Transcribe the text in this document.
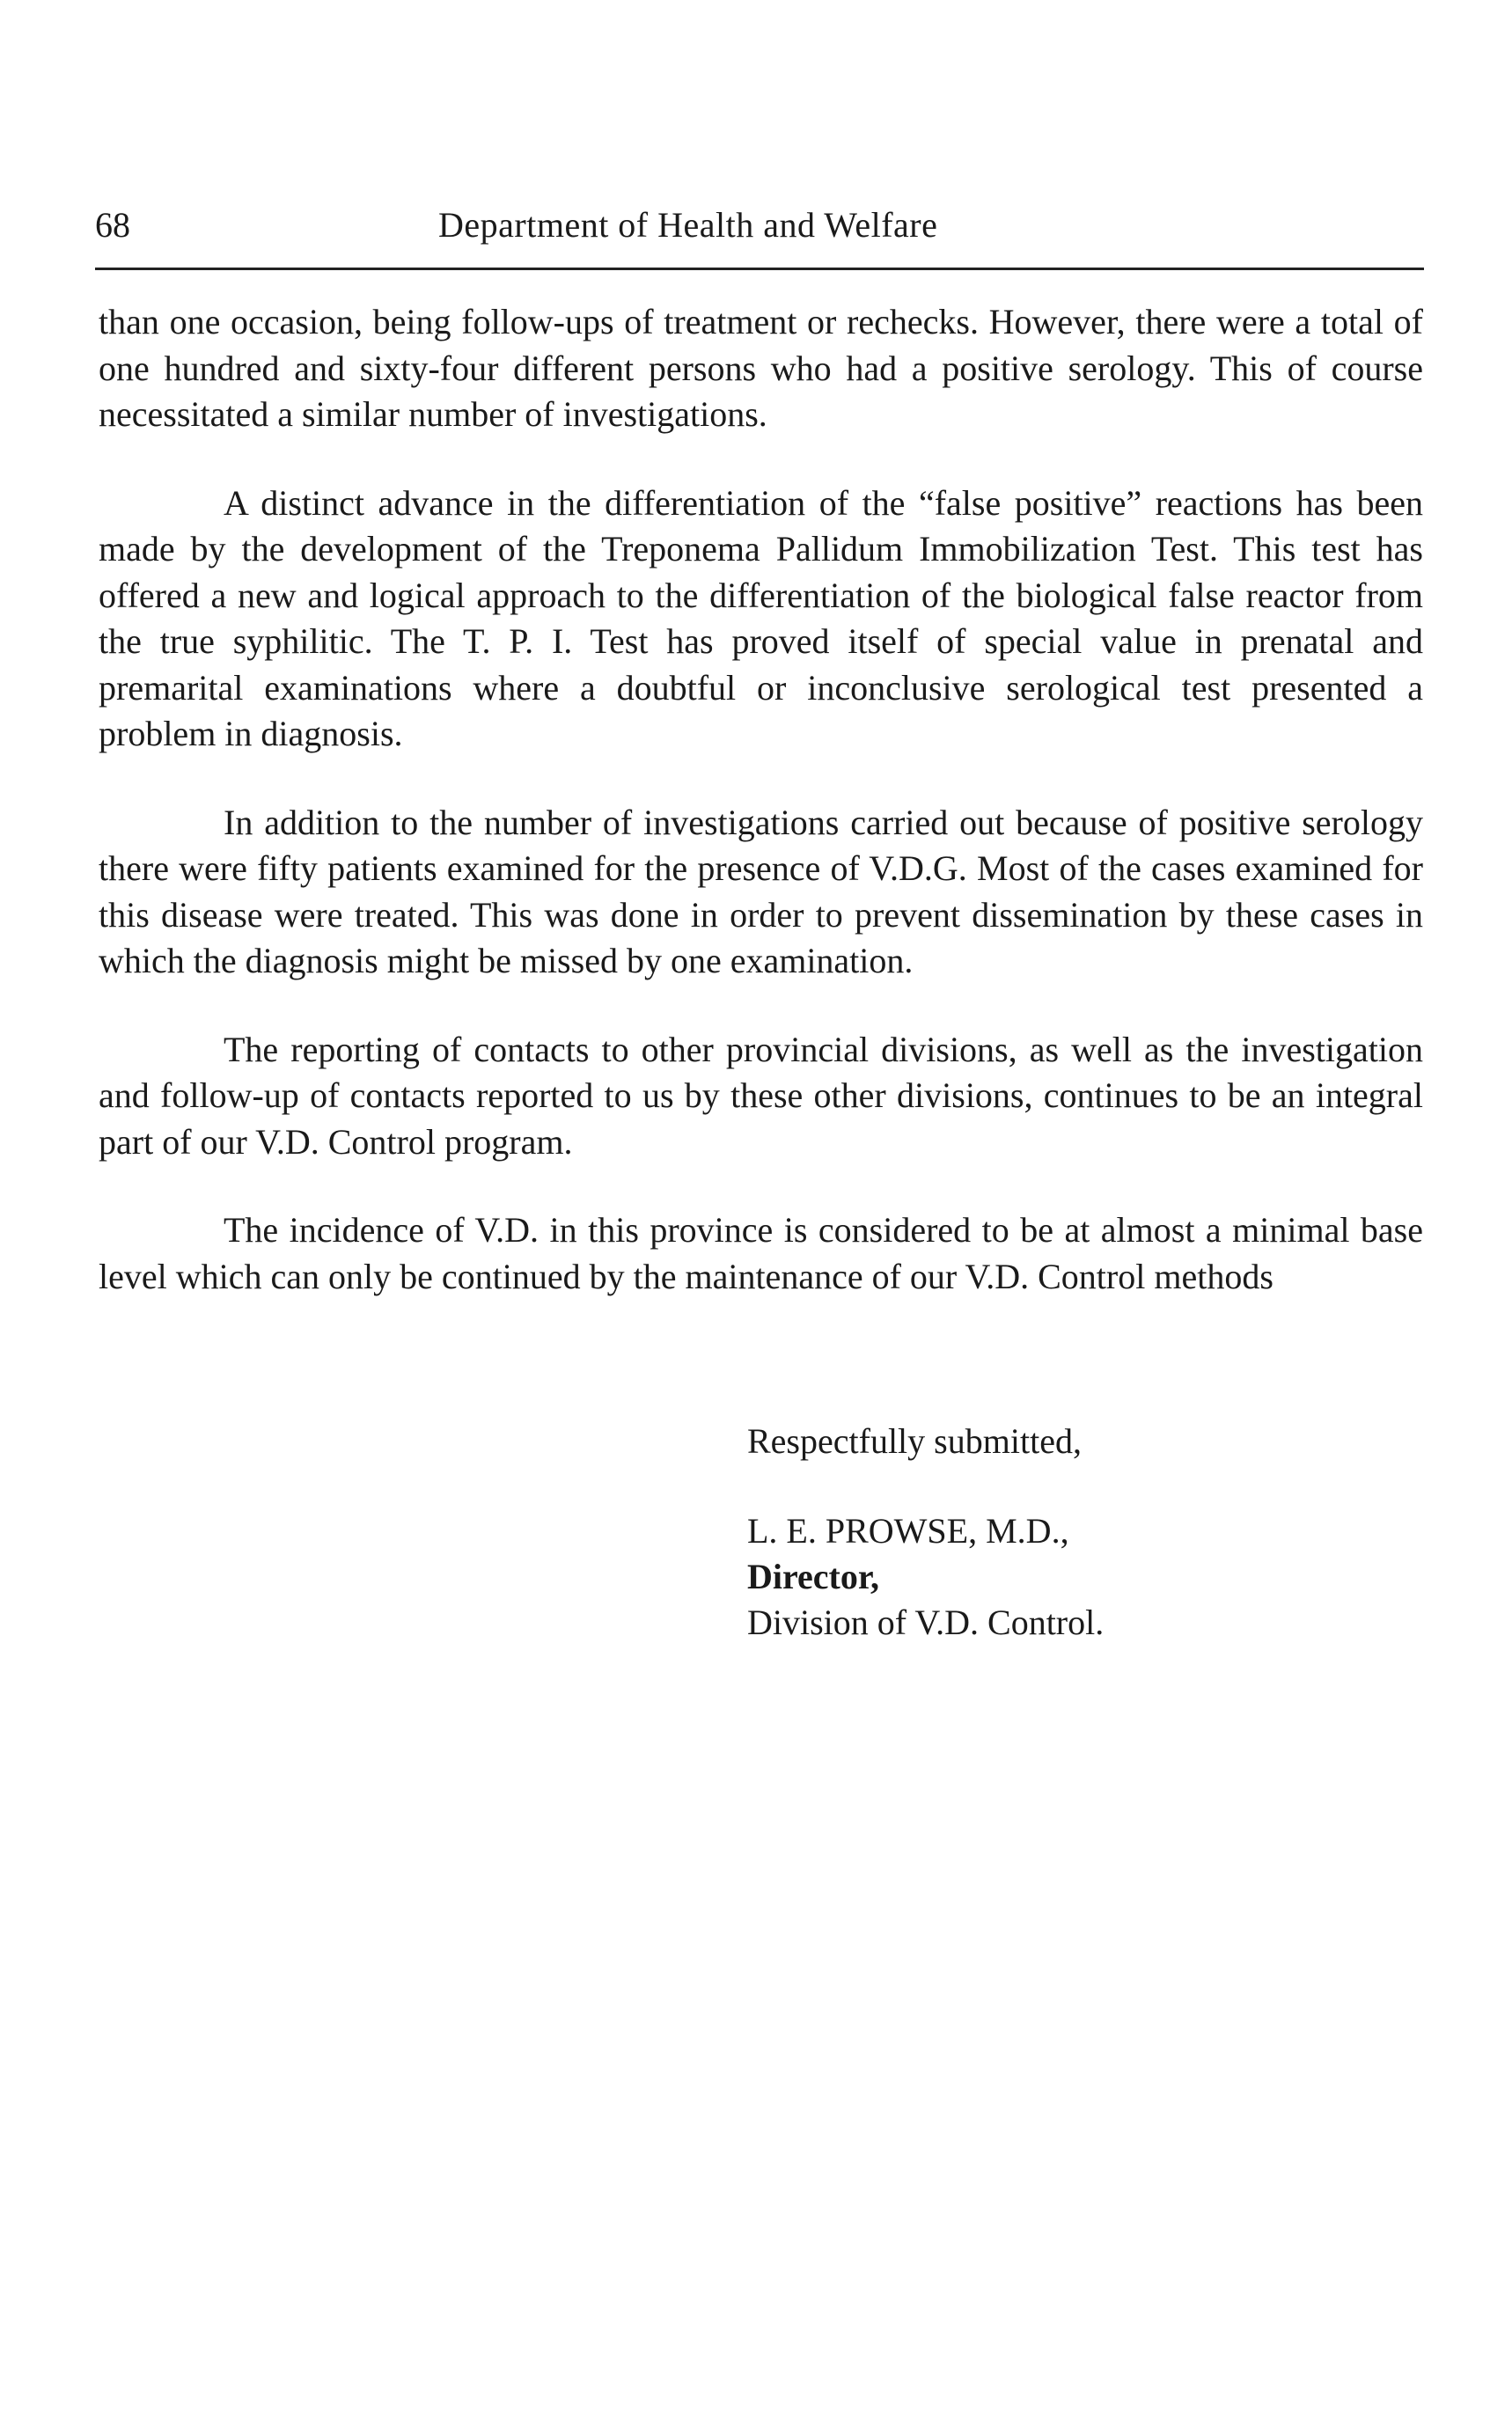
68	Department of Health and Welfare

than one occasion, being follow-ups of treatment or rechecks. However, there were a total of one hundred and sixty-four different persons who had a positive serology. This of course necessitated a similar number of investigations.

A distinct advance in the differentiation of the “false positive” reactions has been made by the development of the Treponema Pallidum Immobilization Test. This test has offered a new and logical approach to the differentiation of the biological false reactor from the true syphilitic. The T. P. I. Test has proved itself of special value in prenatal and premarital examinations where a doubtful or inconclusive serological test presented a problem in diagnosis.

In addition to the number of investigations carried out because of positive serology there were fifty patients examined for the presence of V.D.G. Most of the cases examined for this disease were treated. This was done in order to prevent dissemination by these cases in which the diagnosis might be missed by one examination.

The reporting of contacts to other provincial divisions, as well as the investigation and follow-up of contacts reported to us by these other divisions, continues to be an integral part of our V.D. Control program.

The incidence of V.D. in this province is considered to be at almost a minimal base level which can only be continued by the maintenance of our V.D. Control methods

Respectfully submitted,
L. E. PROWSE, M.D.,
Director,
Division of V.D. Control.
